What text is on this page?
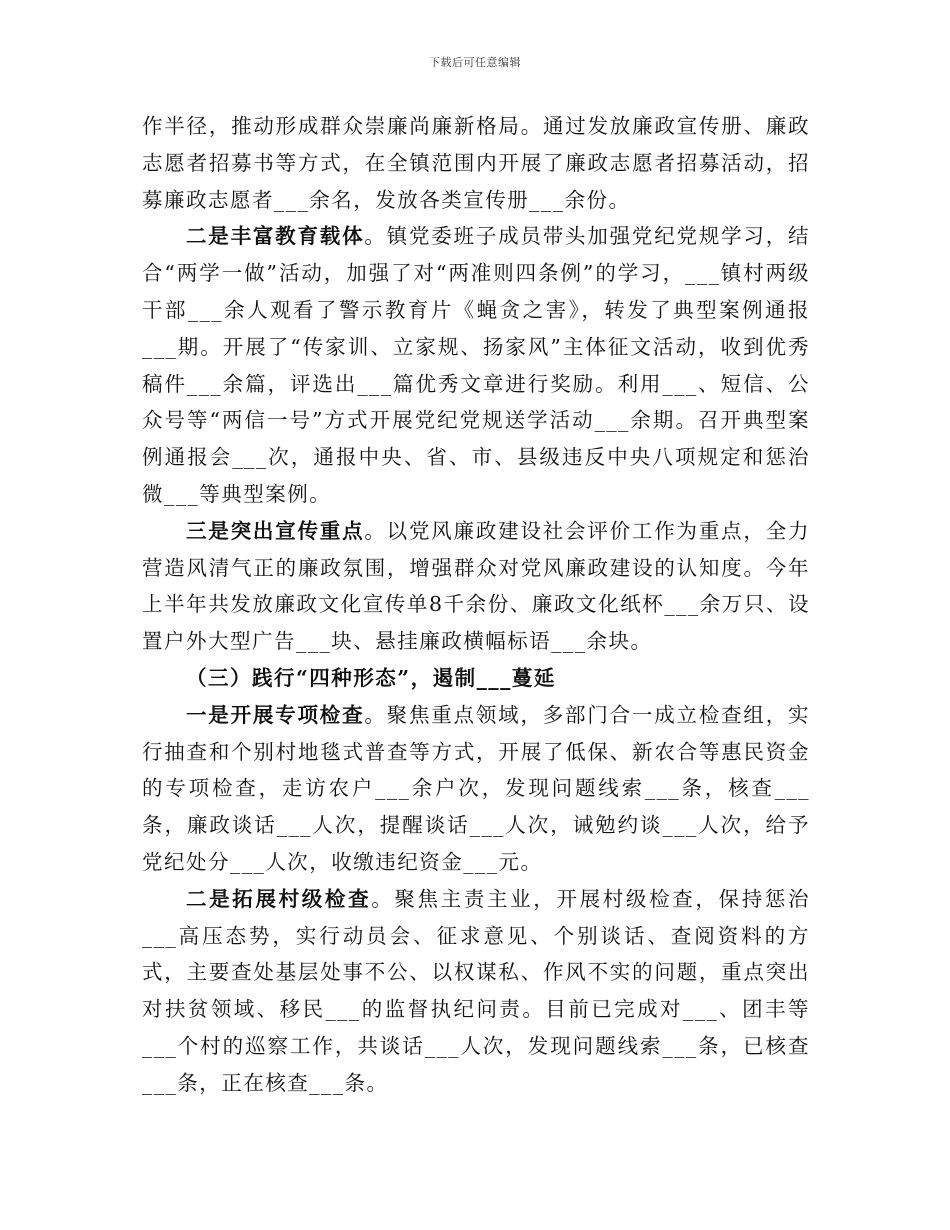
下载后可任意编辑

作半径，推动形成群众崇廉尚廉新格局。通过发放廉政宣传册、廉政志愿者招募书等方式，在全镇范围内开展了廉政志愿者招募活动，招募廉政志愿者___余名，发放各类宣传册___余份。

二是丰富教育载体。镇党委班子成员带头加强党纪党规学习，结合“两学一做”活动，加强了对“两准则四条例”的学习，___镇村两级干部___余人观看了警示教育片《蝇贪之害》，转发了典型案例通报___期。开展了“传家训、立家规、扬家风”主体征文活动，收到优秀稿件___余篇，评选出___篇优秀文章进行奖励。利用___、短信、公众号等“两信一号”方式开展党纪党规送学活动___余期。召开典型案例通报会___次，通报中央、省、市、县级违反中央八项规定和惩治微___等典型案例。

三是突出宣传重点。以党风廉政建设社会评价工作为重点，全力营造风清气正的廉政氛围，增强群众对党风廉政建设的认知度。今年上半年共发放廉政文化宣传单8千余份、廉政文化纸杯___余万只、设置户外大型广告___块、悬挂廉政横幅标语___余块。

（三）践行“四种形态”，遏制___蔓延

一是开展专项检查。聚焦重点领域，多部门合一成立检查组，实行抽查和个别村地毯式普查等方式，开展了低保、新农合等惠民资金的专项检查，走访农户___余户次，发现问题线索___条，核查___条，廉政谈话___人次，提醒谈话___人次，诫勉约谈___人次，给予党纪处分___人次，收缴违纪资金___元。

二是拓展村级检查。聚焦主责主业，开展村级检查，保持惩治___高压态势，实行动员会、征求意见、个别谈话、查阅资料的方式，主要查处基层处事不公、以权谋私、作风不实的问题，重点突出对扶贫领域、移民___的监督执纪问责。目前已完成对___、团丰等___个村的巡察工作，共谈话___人次，发现问题线索___条，已核查___条，正在核查___条。
